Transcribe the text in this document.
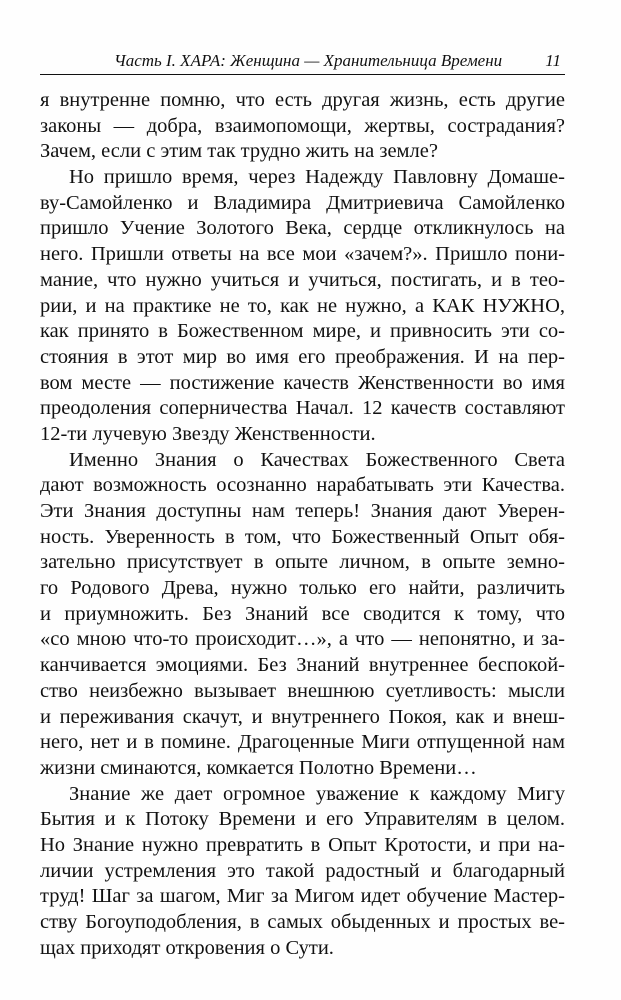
Часть I. ХАРА: Женщина — Хранительница Времени	11
я внутренне помню, что есть другая жизнь, есть другие
законы — добра, взаимопомощи, жертвы, сострадания?
Зачем, если с этим так трудно жить на земле?
Но пришло время, через Надежду Павловну Домаше-
ву-Самойленко и Владимира Дмитриевича Самойленко
пришло Учение Золотого Века, сердце откликнулось на
него. Пришли ответы на все мои «зачем?». Пришло пони-
мание, что нужно учиться и учиться, постигать, и в тео-
рии, и на практике не то, как не нужно, а КАК НУЖНО,
как принято в Божественном мире, и привносить эти со-
стояния в этот мир во имя его преображения. И на пер-
вом месте — постижение качеств Женственности во имя
преодоления соперничества Начал. 12 качеств составляют
12-ти лучевую Звезду Женственности.
Именно Знания о Качествах Божественного Света
дают возможность осознанно нарабатывать эти Качества.
Эти Знания доступны нам теперь! Знания дают Уверен-
ность. Уверенность в том, что Божественный Опыт обя-
зательно присутствует в опыте личном, в опыте земно-
го Родового Древа, нужно только его найти, различить
и приумножить. Без Знаний все сводится к тому, что
«со мною что-то происходит…», а что — непонятно, и за-
канчивается эмоциями. Без Знаний внутреннее беспокой-
ство неизбежно вызывает внешнюю суетливость: мысли
и переживания скачут, и внутреннего Покоя, как и внеш-
него, нет и в помине. Драгоценные Миги отпущенной нам
жизни сминаются, комкается Полотно Времени…
Знание же дает огромное уважение к каждому Мигу
Бытия и к Потоку Времени и его Управителям в целом.
Но Знание нужно превратить в Опыт Кротости, и при на-
личии устремления это такой радостный и благодарный
труд! Шаг за шагом, Миг за Мигом идет обучение Мастер-
ству Богоуподобления, в самых обыденных и простых ве-
щах приходят откровения о Сути.
